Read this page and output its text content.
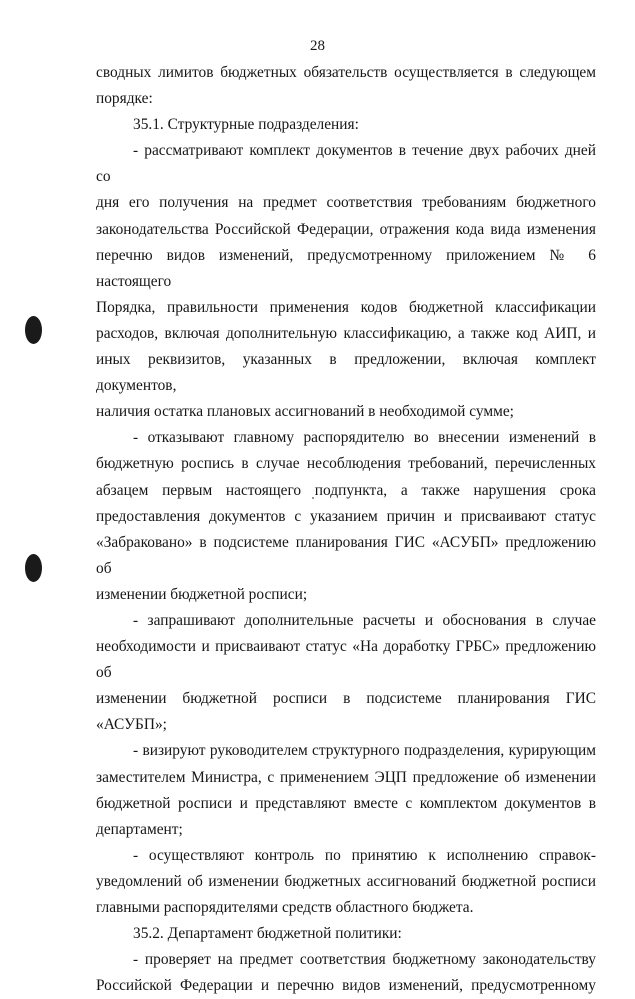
28

сводных лимитов бюджетных обязательств осуществляется в следующем

порядке:

35.1. Структурные подразделения:

- рассматривают комплект документов в течение двух рабочих дней со

дня его получения на предмет соответствия требованиям бюджетного

законодательства Российской Федерации, отражения кода вида изменения

перечню видов изменений, предусмотренному приложением № 6 настоящего

Порядка, правильности применения кодов бюджетной классификации

расходов, включая дополнительную классификацию, а также код АИП, и

иных реквизитов, указанных в предложении, включая комплект документов,

наличия остатка плановых ассигнований в необходимой сумме;

- отказывают главному распорядителю во внесении изменений в

бюджетную роспись в случае несоблюдения требований, перечисленных

абзацем первым настоящего подпункта, а также нарушения срока

предоставления документов с указанием причин и присваивают статус

«Забраковано» в подсистеме планирования ГИС «АСУБП» предложению об

изменении бюджетной росписи;

- запрашивают дополнительные расчеты и обоснования в случае

необходимости и присваивают статус «На доработку ГРБС» предложению об

изменении бюджетной росписи в подсистеме планирования ГИС «АСУБП»;

- визируют руководителем структурного подразделения, курирующим

заместителем Министра, с применением ЭЦП предложение об изменении

бюджетной росписи и представляют вместе с комплектом документов в

департамент;

- осуществляют контроль по принятию к исполнению справок-

уведомлений об изменении бюджетных ассигнований бюджетной росписи

главными распорядителями средств областного бюджета.

35.2. Департамент бюджетной политики:

- проверяет на предмет соответствия бюджетному законодательству

Российской Федерации и перечню видов изменений, предусмотренному
